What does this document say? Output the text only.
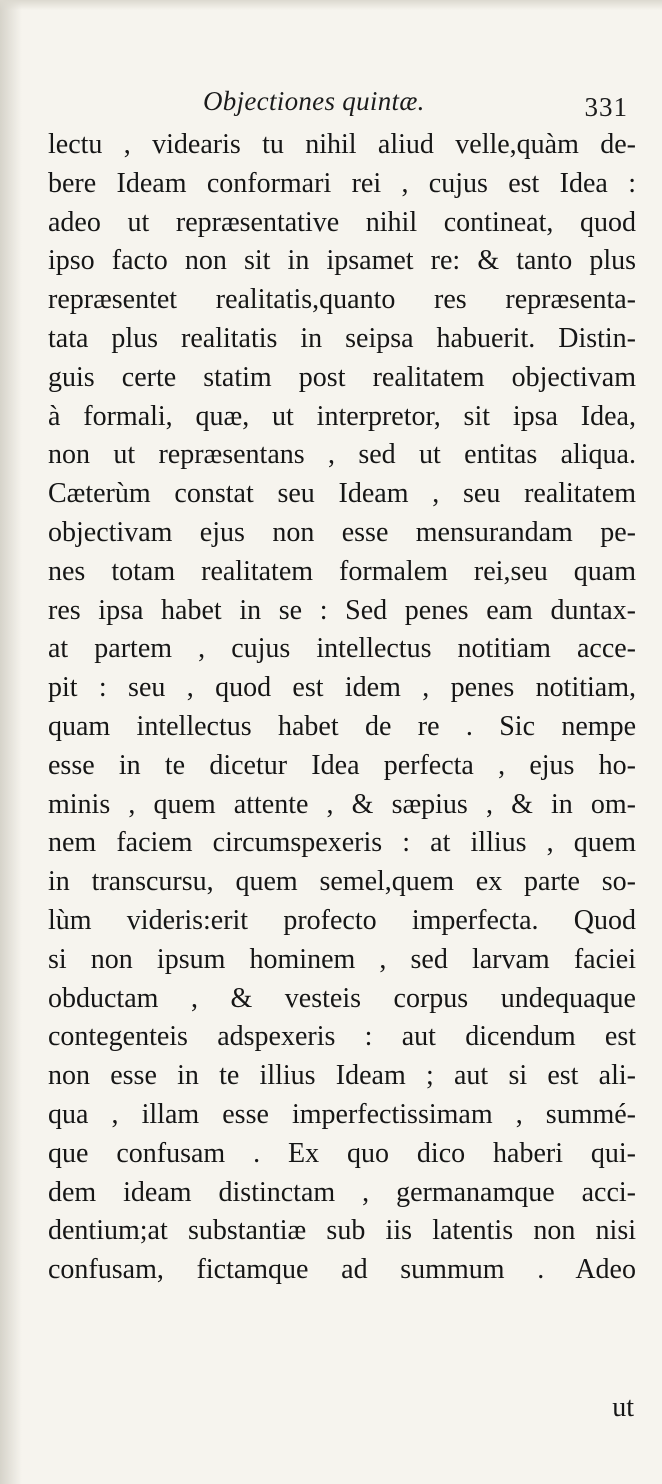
Objectiones quintæ.	331
lectu , videaris tu nihil aliud velle,quàm de-
bere Ideam conformari rei , cujus est Idea :
adeo ut repræsentative nihil contineat, quod
ipso facto non sit in ipsamet re: & tanto plus
repræsentet realitatis,quanto res repræsenta-
tata plus realitatis in seipsa habuerit. Distin-
guis certe statim post realitatem objectivam
à formali, quæ, ut interpretor, sit ipsa Idea,
non ut repræsentans , sed ut entitas aliqua.
Cæterùm constat seu Ideam , seu realitatem
objectivam ejus non esse mensurandam pe-
nes totam realitatem formalem rei,seu quam
res ipsa habet in se : Sed penes eam duntax-
at partem , cujus intellectus notitiam acce-
pit : seu , quod est idem , penes notitiam,
quam intellectus habet de re . Sic nempe
esse in te dicetur Idea perfecta , ejus ho-
minis , quem attente , & sæpius , & in om-
nem faciem circumspexeris : at illius , quem
in transcursu, quem semel,quem ex parte so-
lùm videris:erit profecto imperfecta. Quod
si non ipsum hominem , sed larvam faciei
obductam , & vesteis corpus undequaque
contegenteis adspexeris : aut dicendum est
non esse in te illius Ideam ; aut si est ali-
qua , illam esse imperfectissimam , summé-
que confusam . Ex quo dico haberi qui-
dem ideam distinctam , germanamque acci-
dentium;at substantiæ sub iis latentis non nisi
confusam, fictamque ad summum . Adeo
ut
